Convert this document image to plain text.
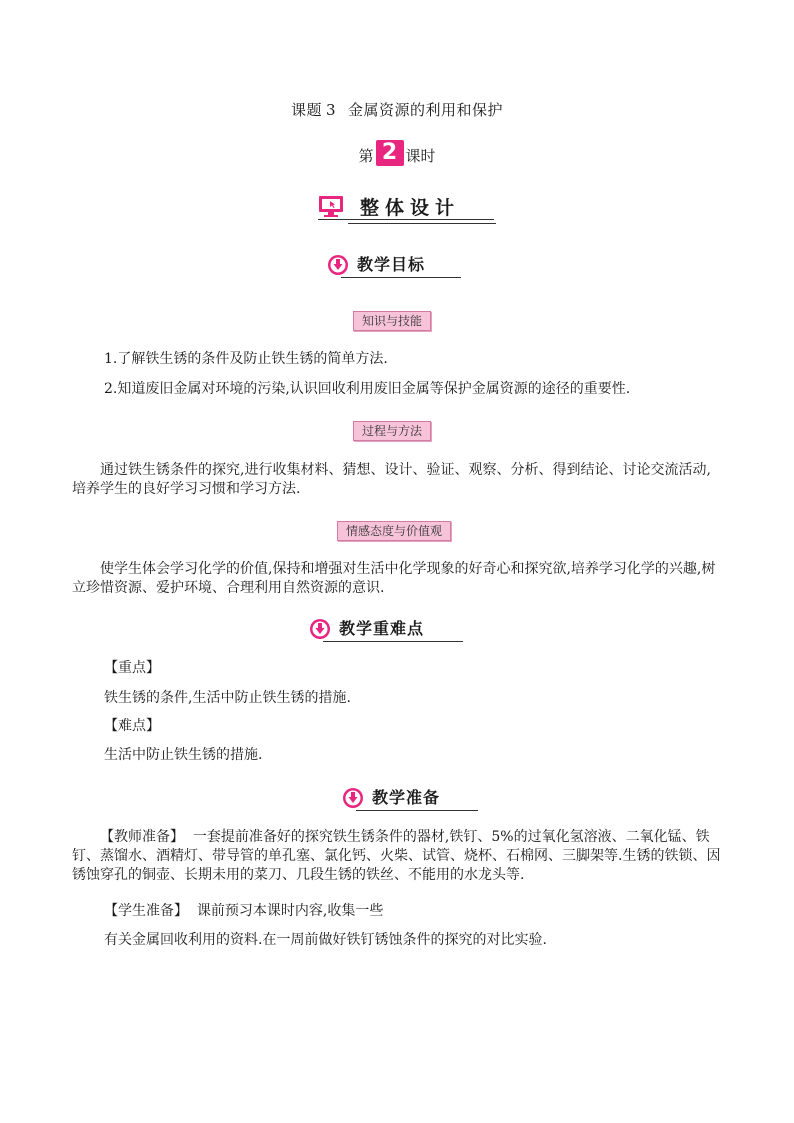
课题 3 金属资源的利用和保护
第 2 课时
整体设计
教学目标
知识与技能
1.了解铁生锈的条件及防止铁生锈的简单方法.
2.知道废旧金属对环境的污染,认识回收利用废旧金属等保护金属资源的途径的重要性.
过程与方法
通过铁生锈条件的探究,进行收集材料、猜想、设计、验证、观察、分析、得到结论、讨论交流活动,培养学生的良好学习习惯和学习方法.
情感态度与价值观
使学生体会学习化学的价值,保持和增强对生活中化学现象的好奇心和探究欲,培养学习化学的兴趣,树立珍惜资源、爱护环境、合理利用自然资源的意识.
教学重难点
【重点】
铁生锈的条件,生活中防止铁生锈的措施.
【难点】
生活中防止铁生锈的措施.
教学准备
【教师准备】 一套提前准备好的探究铁生锈条件的器材,铁钉、5%的过氧化氢溶液、二氧化锰、铁钉、蒸馏水、酒精灯、带导管的单孔塞、氯化钙、火柴、试管、烧杯、石棉网、三脚架等.生锈的铁锁、因锈蚀穿孔的铜壶、长期未用的菜刀、几段生锈的铁丝、不能用的水龙头等.
【学生准备】 课前预习本课时内容,收集一些
有关金属回收利用的资料.在一周前做好铁钉锈蚀条件的探究的对比实验.
